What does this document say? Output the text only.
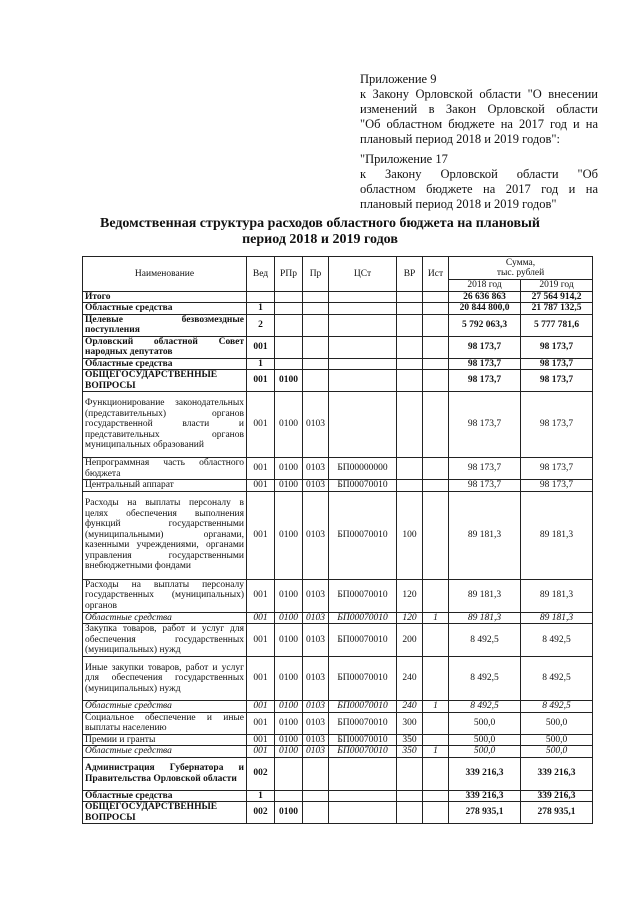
Приложение 9
к Закону Орловской области "О внесении
изменений в Закон Орловской области
"Об областном бюджете на 2017 год и на
плановый период 2018 и 2019 годов":
"Приложение 17
к Закону Орловской области "Об
областном бюджете на 2017 год и на
плановый период 2018 и 2019 годов"
Ведомственная структура расходов областного бюджета на плановый
период 2018 и 2019 годов
Наименование	Вед	РПр	Пр	ЦСт	ВР	Ист	Сумма,
тыс. рублей	
							2018 год	2019 год
Итого							26 636 863	27 564 914,2
Областные средства	1						20 844 800,0	21 787 132,5
Целевые безвозмездные поступления	2						5 792 063,3	5 777 781,6
Орловский областной Совет народных депутатов	001						98 173,7	98 173,7
Областные средства	1						98 173,7	98 173,7
ОБЩЕГОСУДАРСТВЕННЫЕ ВОПРОСЫ	001	0100					98 173,7	98 173,7
Функционирование законодательных (представительных) органов государственной власти и представительных органов муниципальных образований	001	0100	0103				98 173,7	98 173,7
Непрограммная часть областного бюджета	001	0100	0103	БП00000000			98 173,7	98 173,7
Центральный аппарат	001	0100	0103	БП00070010			98 173,7	98 173,7
Расходы на выплаты персоналу в целях обеспечения выполнения функций государственными (муниципальными) органами, казенными учреждениями, органами управления государственными внебюджетными фондами	001	0100	0103	БП00070010	100		89 181,3	89 181,3
Расходы на выплаты персоналу государственных (муниципальных) органов	001	0100	0103	БП00070010	120		89 181,3	89 181,3
Областные средства	001	0100	0103	БП00070010	120	1	89 181,3	89 181,3
Закупка товаров, работ и услуг для обеспечения государственных (муниципальных) нужд	001	0100	0103	БП00070010	200		8 492,5	8 492,5
Иные закупки товаров, работ и услуг для обеспечения государственных (муниципальных) нужд	001	0100	0103	БП00070010	240		8 492,5	8 492,5
Областные средства	001	0100	0103	БП00070010	240	1	8 492,5	8 492,5
Социальное обеспечение и иные выплаты населению	001	0100	0103	БП00070010	300		500,0	500,0
Премии и гранты	001	0100	0103	БП00070010	350		500,0	500,0
Областные средства	001	0100	0103	БП00070010	350	1	500,0	500,0
Администрация Губернатора и Правительства Орловской области	002						339 216,3	339 216,3
Областные средства	1						339 216,3	339 216,3
ОБЩЕГОСУДАРСТВЕННЫЕ ВОПРОСЫ	002	0100					278 935,1	278 935,1
